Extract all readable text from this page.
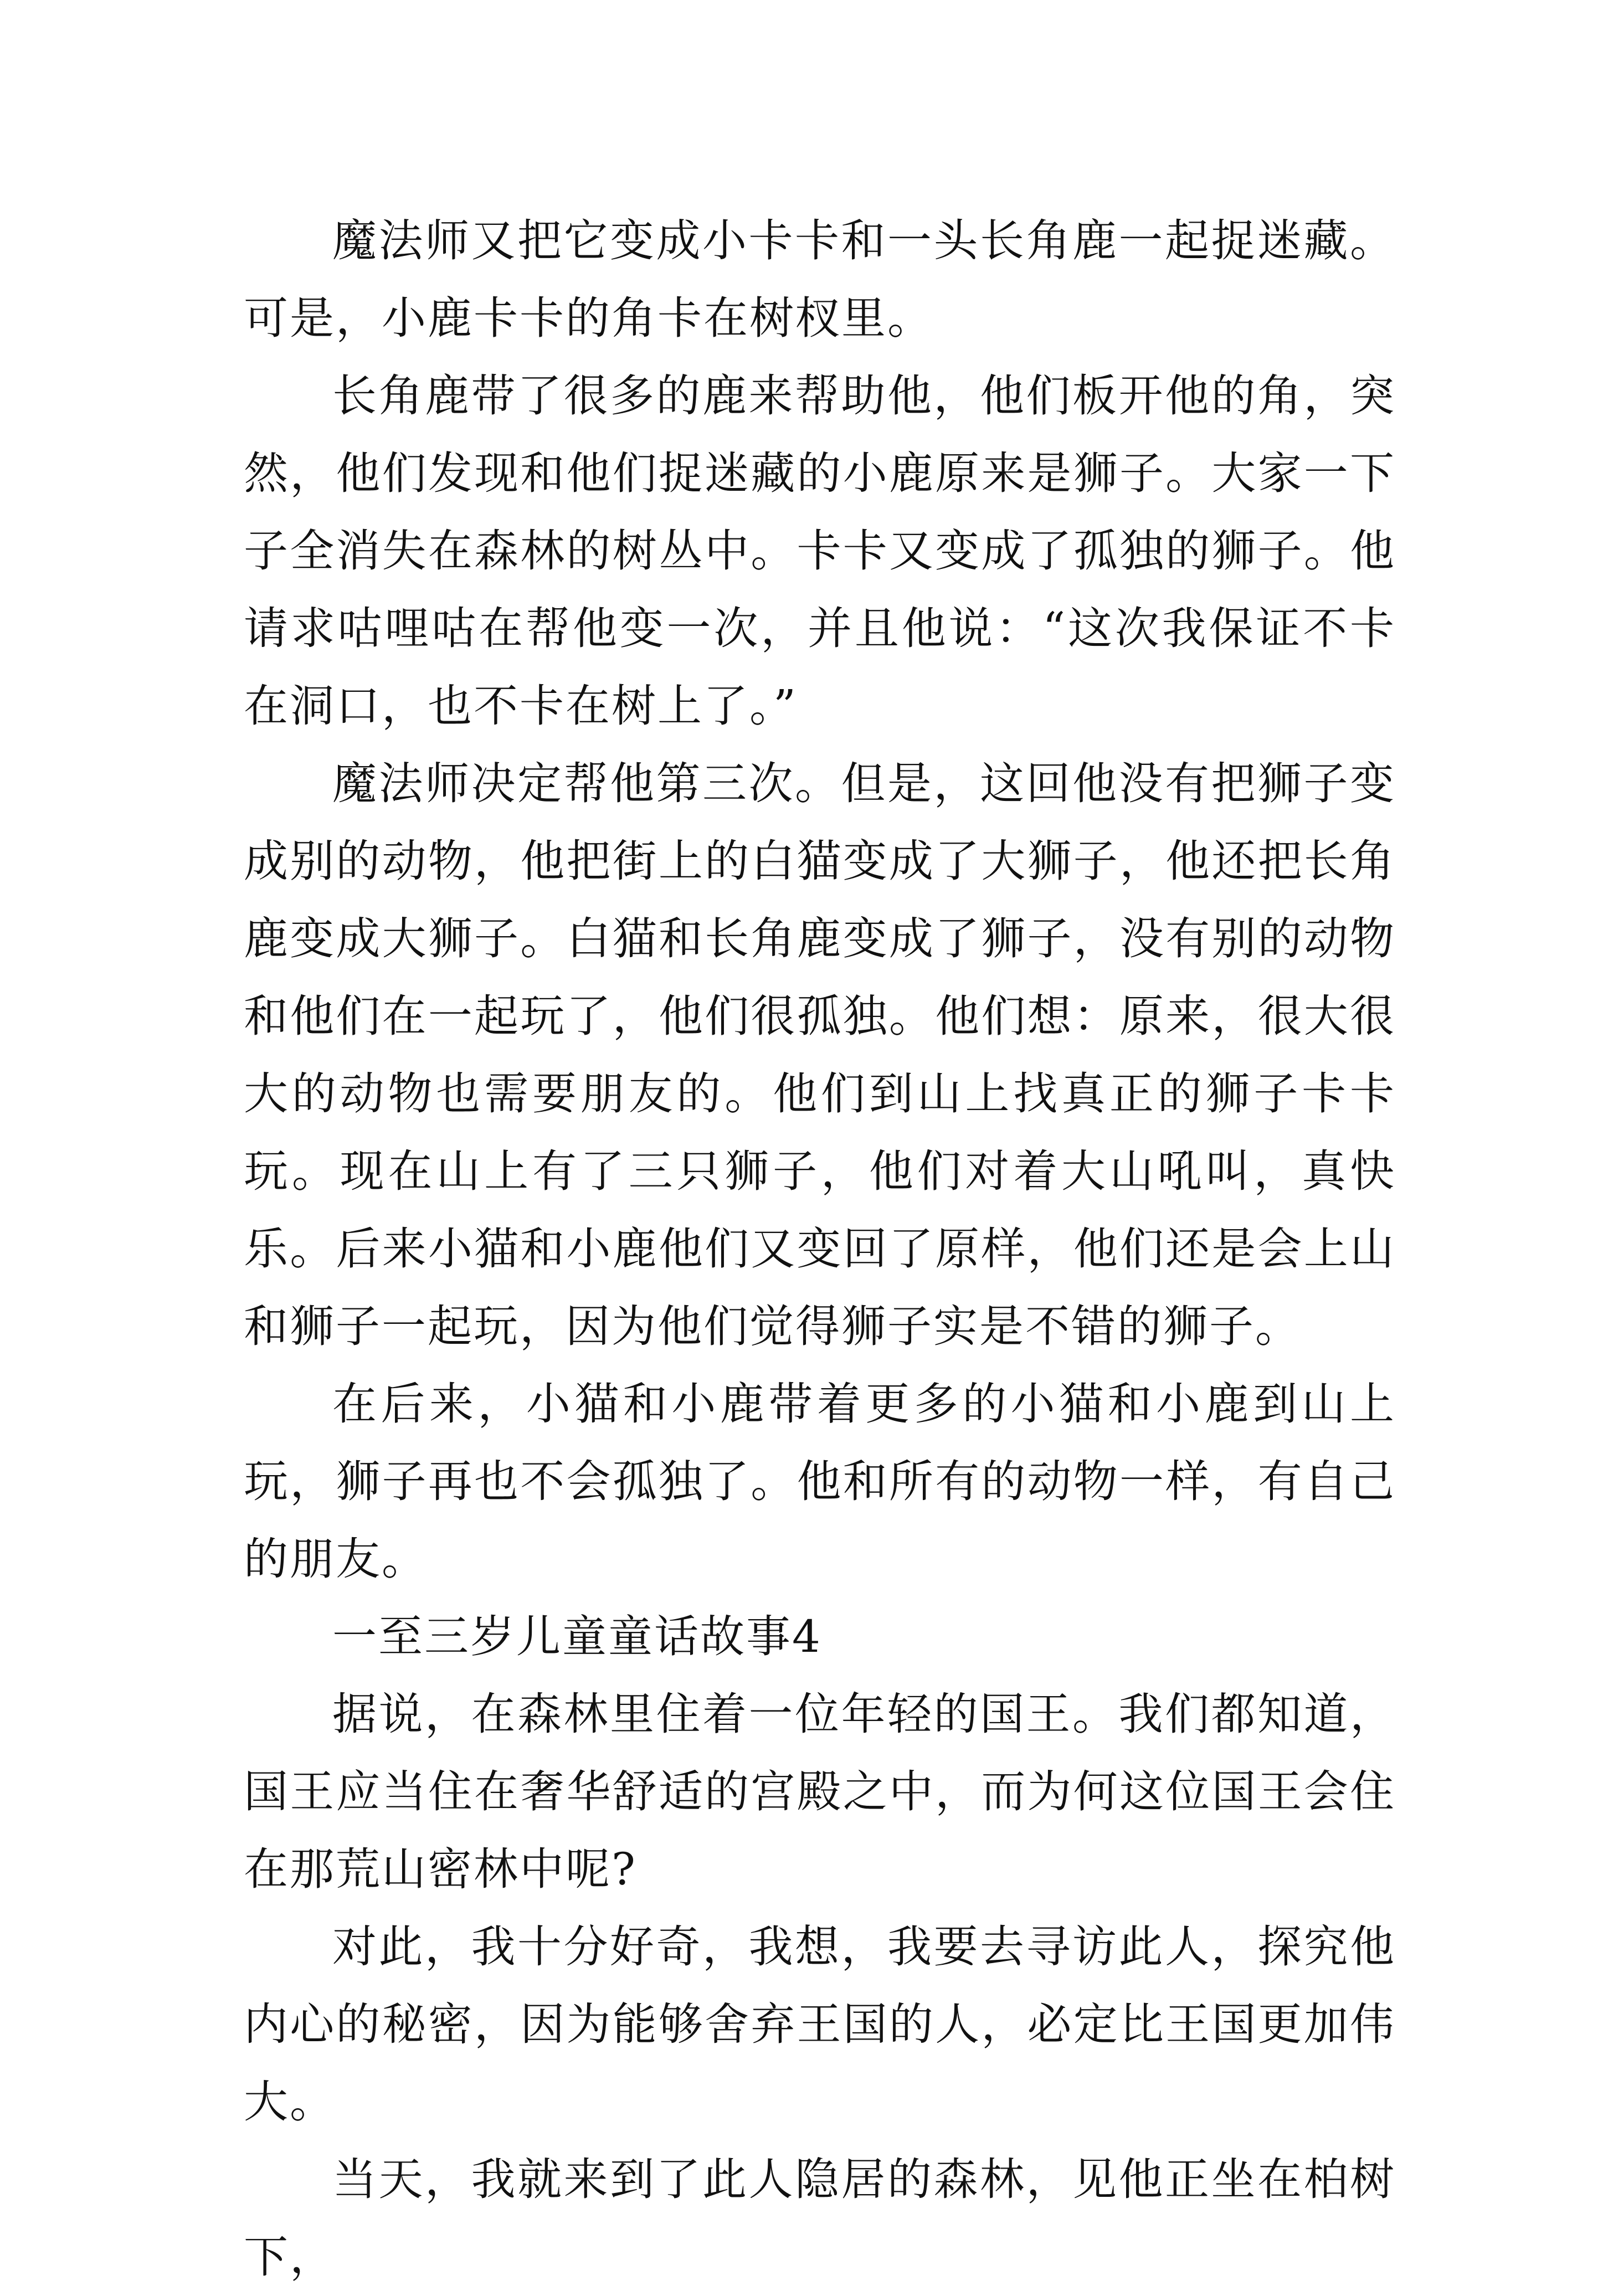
魔法师又把它变成小卡卡和一头长角鹿一起捉迷藏。可是，小鹿卡卡的角卡在树杈里。

长角鹿带了很多的鹿来帮助他，他们板开他的角，突然，他们发现和他们捉迷藏的小鹿原来是狮子。大家一下子全消失在森林的树丛中。卡卡又变成了孤独的狮子。他请求咕哩咕在帮他变一次，并且他说：“这次我保证不卡在洞口，也不卡在树上了。”

魔法师决定帮他第三次。但是，这回他没有把狮子变成别的动物，他把街上的白猫变成了大狮子，他还把长角鹿变成大狮子。白猫和长角鹿变成了狮子，没有别的动物和他们在一起玩了，他们很孤独。他们想：原来，很大很大的动物也需要朋友的。他们到山上找真正的狮子卡卡玩。现在山上有了三只狮子，他们对着大山吼叫，真快乐。后来小猫和小鹿他们又变回了原样，他们还是会上山和狮子一起玩，因为他们觉得狮子实是不错的狮子。

在后来，小猫和小鹿带着更多的小猫和小鹿到山上玩，狮子再也不会孤独了。他和所有的动物一样，有自己的朋友。

一至三岁儿童童话故事4

据说，在森林里住着一位年轻的国王。我们都知道，国王应当住在奢华舒适的宫殿之中，而为何这位国王会住在那荒山密林中呢?

对此，我十分好奇，我想，我要去寻访此人，探究他内心的秘密，因为能够舍弃王国的人，必定比王国更加伟大。

当天，我就来到了此人隐居的森林，见他正坐在柏树下，
